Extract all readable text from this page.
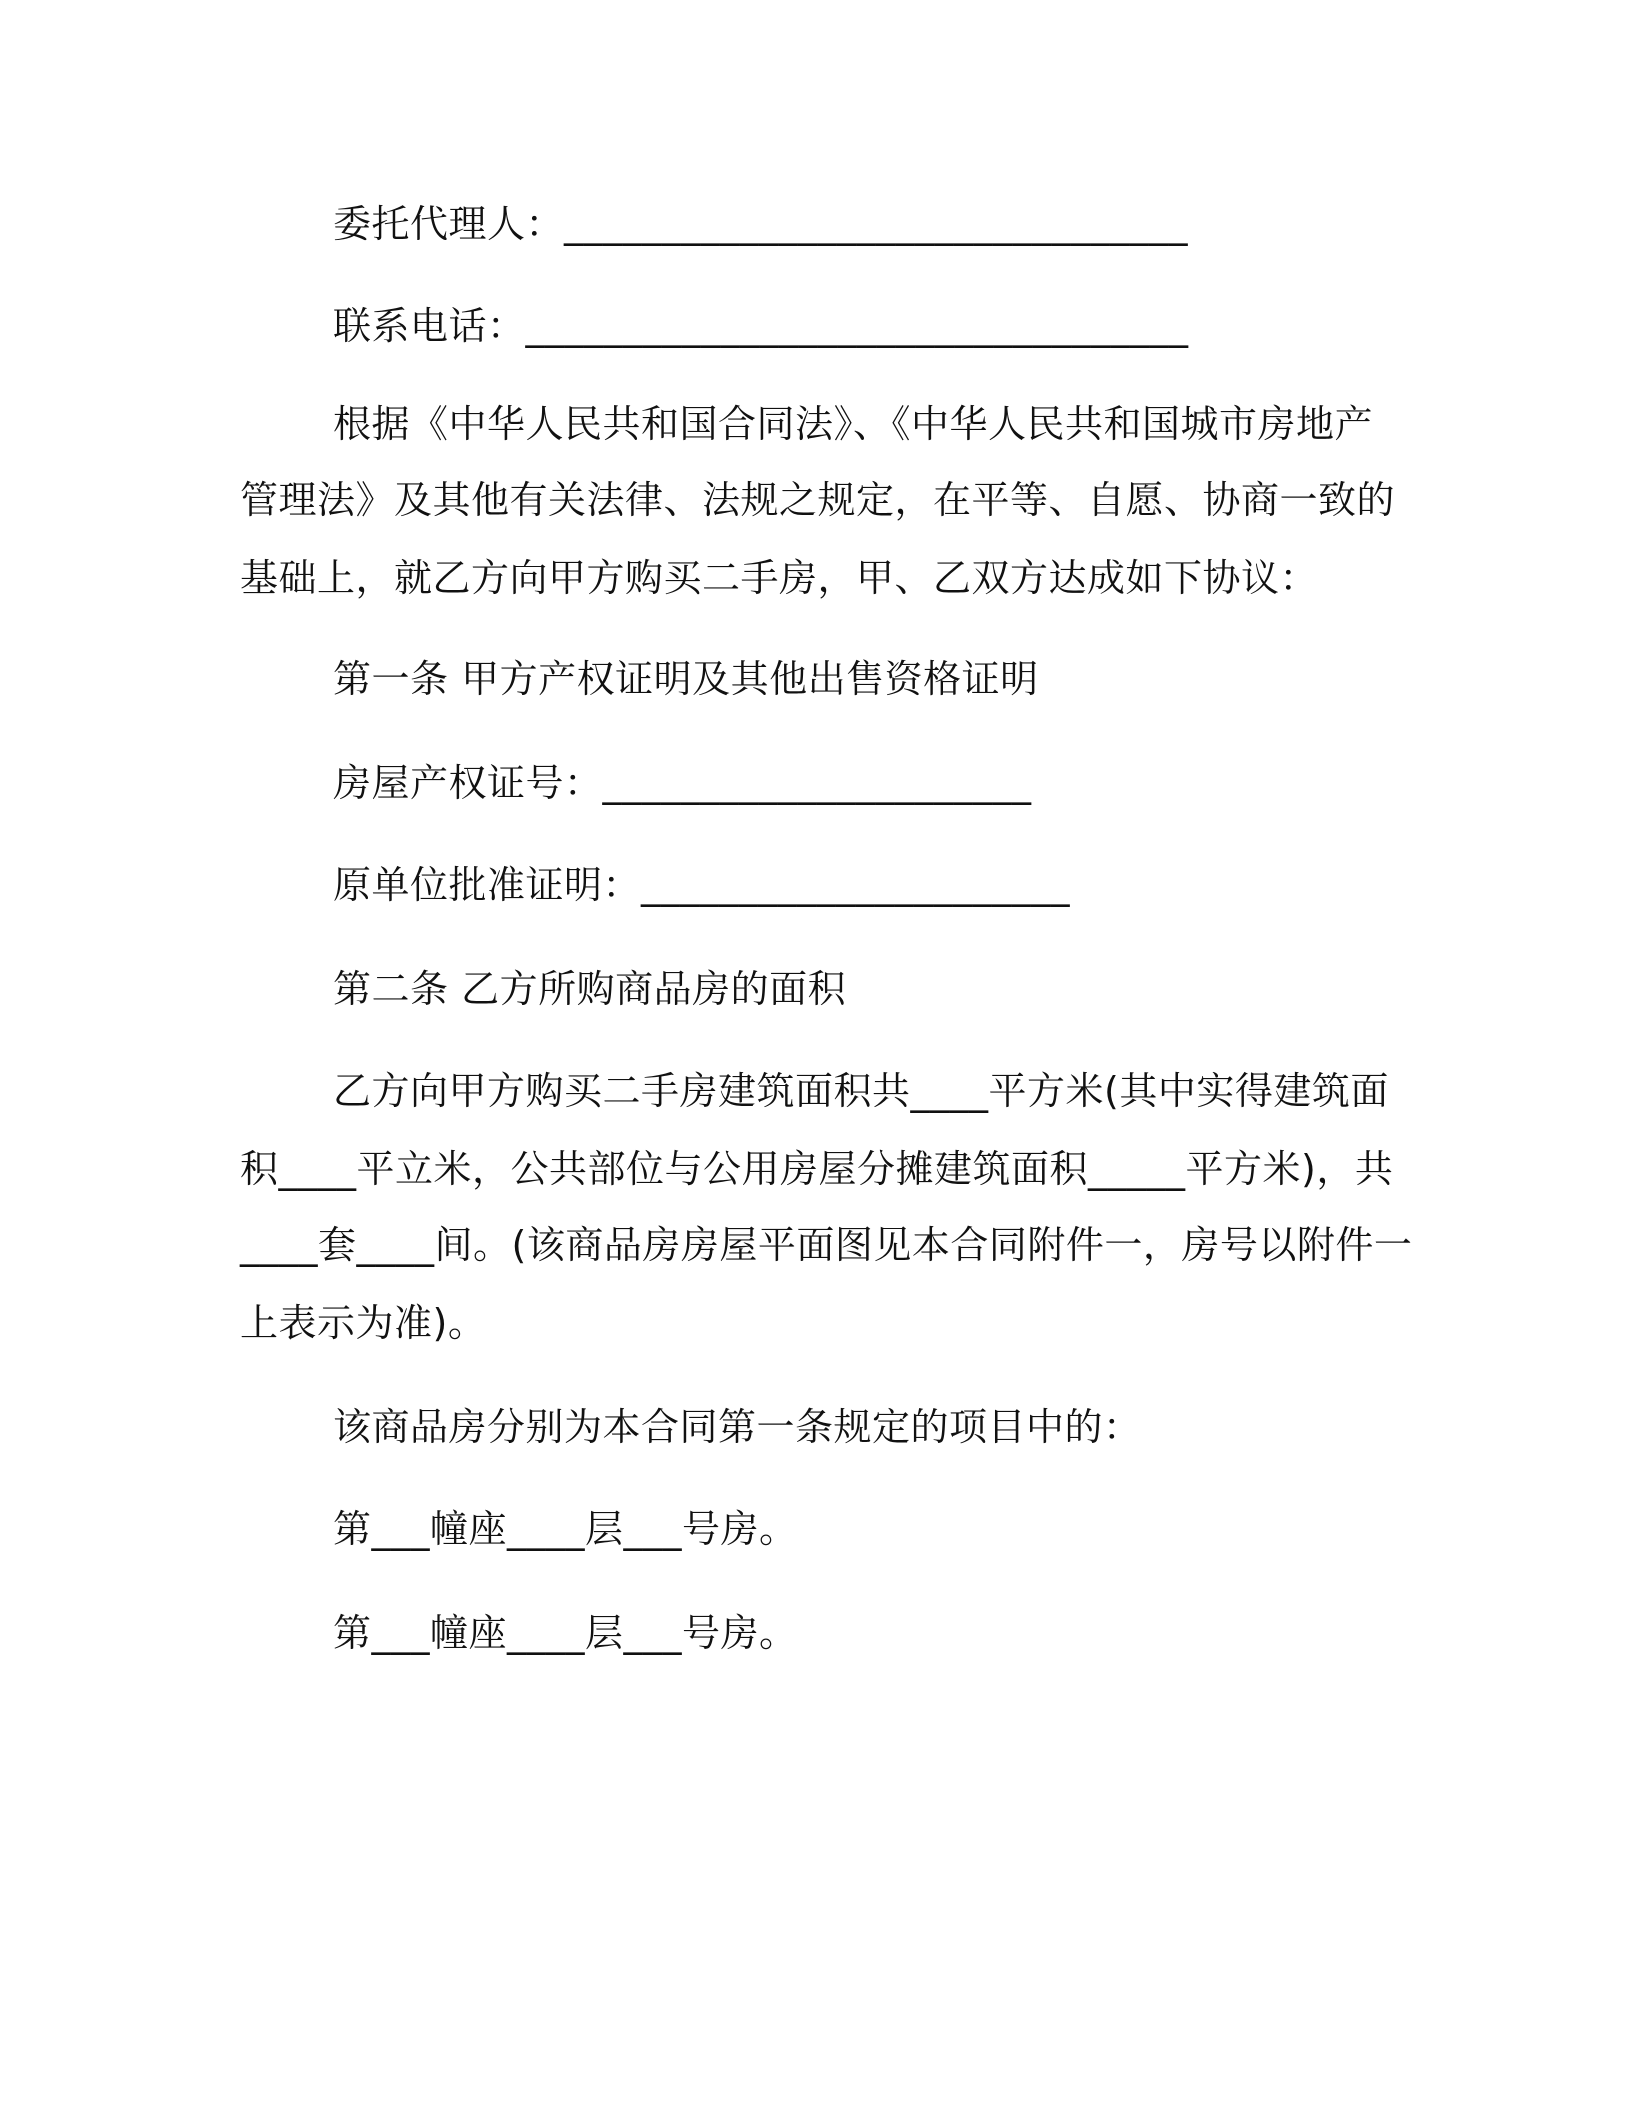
委托代理人：________________________________
联系电话：__________________________________
根据《中华人民共和国合同法》、《中华人民共和国城市房地产
管理法》及其他有关法律、法规之规定，在平等、自愿、协商一致的
基础上，就乙方向甲方购买二手房，甲、乙双方达成如下协议：
第一条 甲方产权证明及其他出售资格证明
房屋产权证号：______________________
原单位批准证明：______________________
第二条 乙方所购商品房的面积
乙方向甲方购买二手房建筑面积共____平方米(其中实得建筑面
积____平立米，公共部位与公用房屋分摊建筑面积_____平方米)，共
____套____间。(该商品房房屋平面图见本合同附件一，房号以附件一
上表示为准)。
该商品房分别为本合同第一条规定的项目中的：
第___幢座____层___号房。
第___幢座____层___号房。
